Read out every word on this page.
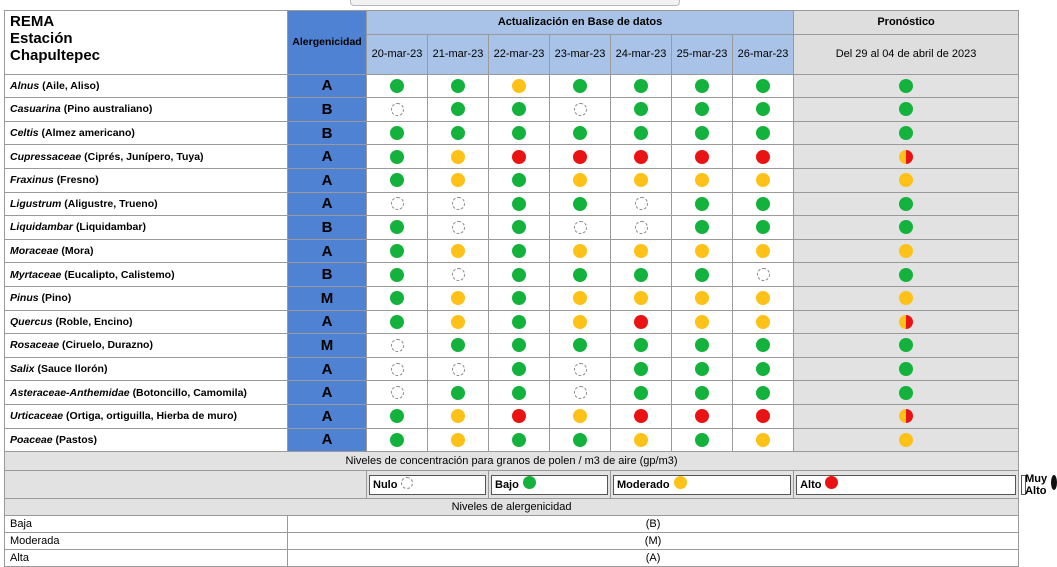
REMA
Estación
Chapultepec	Alergenicidad	Actualización en Base de datos							Pronóstico	
		20-mar-23	21-mar-23	22-mar-23	23-mar-23	24-mar-23	25-mar-23	26-mar-23	Del 29 al 04 de abril de 2023	
Alnus (Aile, Aliso)	A									
Casuarina (Pino australiano)	B									
Celtis (Almez americano)	B									
Cupressaceae (Ciprés, Junípero, Tuya)	A									
Fraxinus (Fresno)	A									
Ligustrum (Aligustre, Trueno)	A									
Liquidambar (Liquidambar)	B									
Moraceae (Mora)	A									
Myrtaceae (Eucalipto, Calistemo)	B									
Pinus (Pino)	M									
Quercus (Roble, Encino)	A									
Rosaceae (Ciruelo, Durazno)	M									
Salix (Sauce llorón)	A									
Asteraceae-Anthemidae (Botoncillo, Camomila)	A									
Urticaceae (Ortiga, ortiguilla, Hierba de muro)	A									
Poaceae (Pastos)	A									
Niveles de concentración para granos de polen / m3 de aire (gp/m3)										

		Nulo		Bajo		Moderado			Alto	Muy Alto

Niveles de alergenicidad										
Baja	(B)									
Moderada	(M)									
Alta	(A)									
